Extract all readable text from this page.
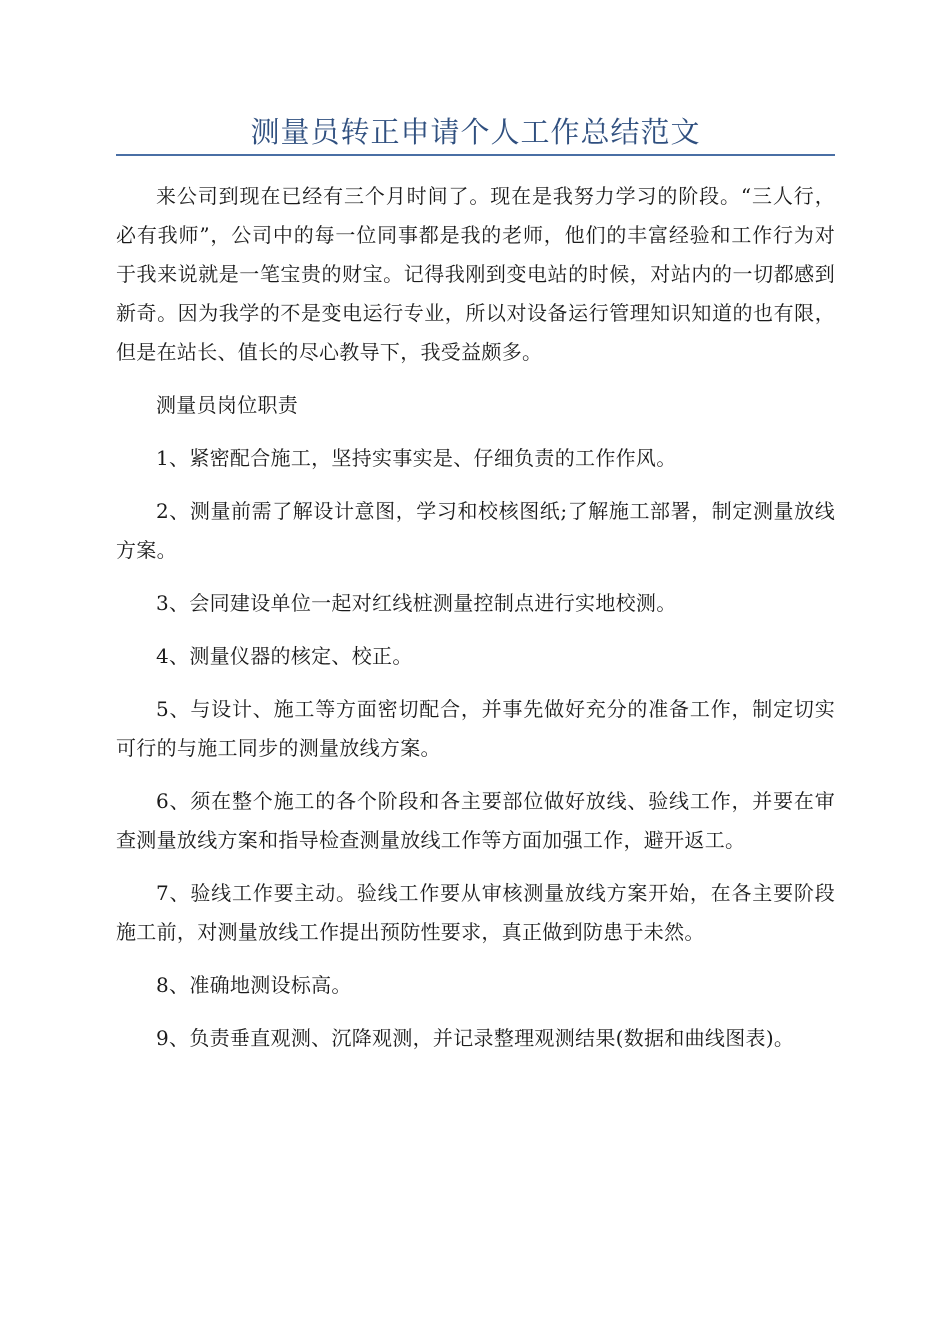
测量员转正申请个人工作总结范文

来公司到现在已经有三个月时间了。现在是我努力学习的阶段。“三人行，必有我师”，公司中的每一位同事都是我的老师，他们的丰富经验和工作行为对于我来说就是一笔宝贵的财宝。记得我刚到变电站的时候，对站内的一切都感到新奇。因为我学的不是变电运行专业，所以对设备运行管理知识知道的也有限，但是在站长、值长的尽心教导下，我受益颇多。

测量员岗位职责

1、紧密配合施工，坚持实事实是、仔细负责的工作作风。

2、测量前需了解设计意图，学习和校核图纸;了解施工部署，制定测量放线方案。

3、会同建设单位一起对红线桩测量控制点进行实地校测。

4、测量仪器的核定、校正。

5、与设计、施工等方面密切配合，并事先做好充分的准备工作，制定切实可行的与施工同步的测量放线方案。

6、须在整个施工的各个阶段和各主要部位做好放线、验线工作，并要在审查测量放线方案和指导检查测量放线工作等方面加强工作，避开返工。

7、验线工作要主动。验线工作要从审核测量放线方案开始，在各主要阶段施工前，对测量放线工作提出预防性要求，真正做到防患于未然。

8、准确地测设标高。

9、负责垂直观测、沉降观测，并记录整理观测结果(数据和曲线图表)。
